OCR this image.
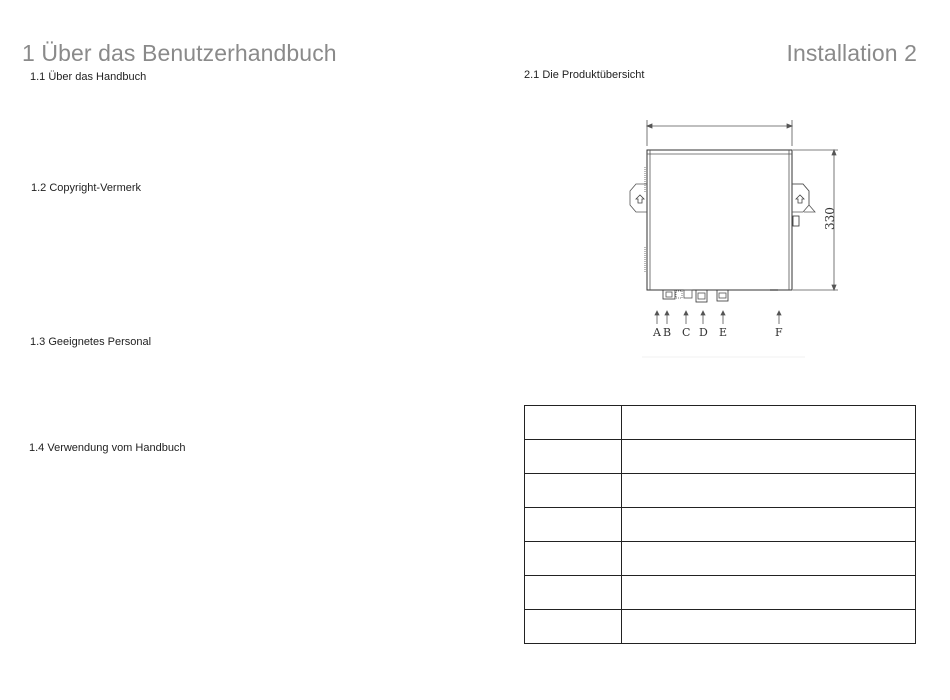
1 Über das Benutzerhandbuch	Installation 2
1.1 Über das Handbuch
1.2 Copyright-Vermerk
1.3 Geeignetes Personal
1.4 Verwendung vom Handbuch
2.1 Die Produktübersicht
330
A B C D E	F
